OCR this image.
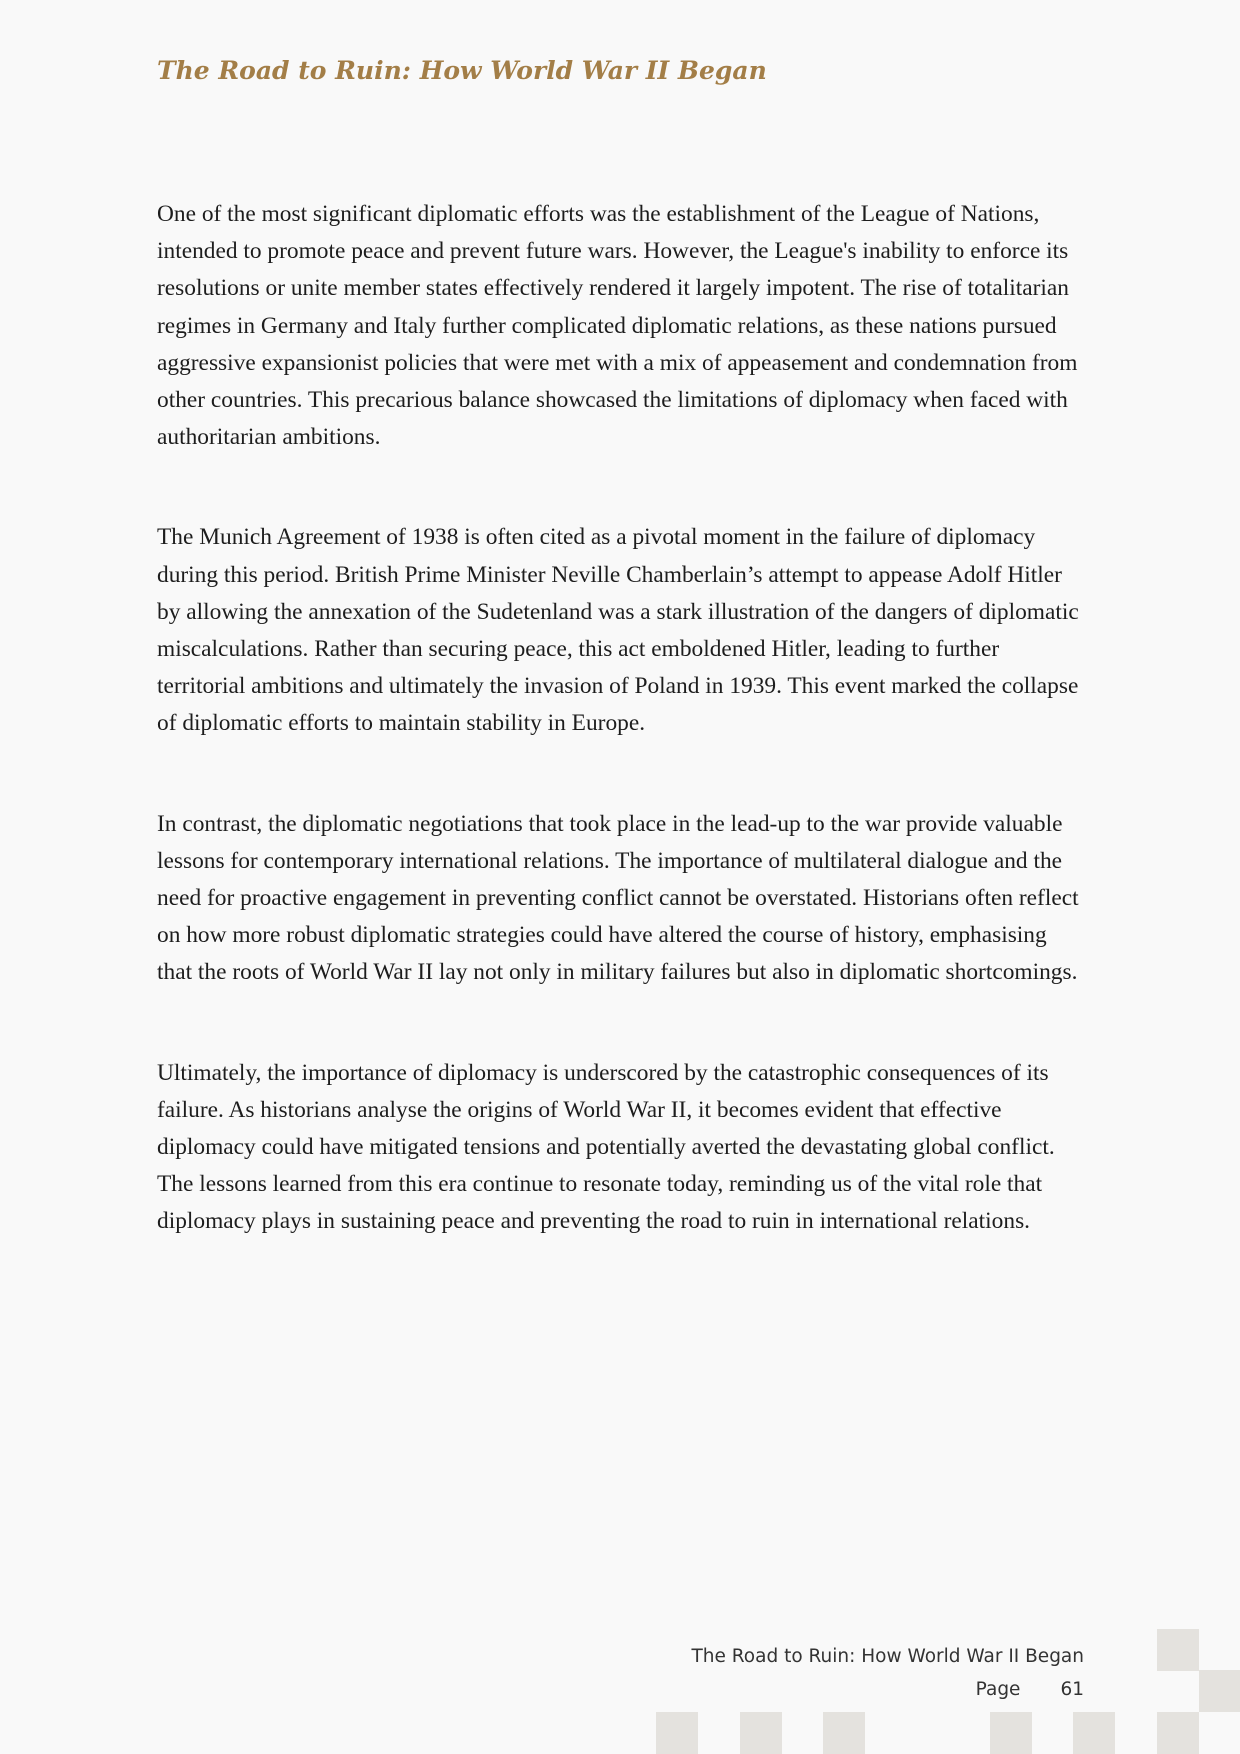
The Road to Ruin: How World War II Began

One of the most significant diplomatic efforts was the establishment of the League of Nations, intended to promote peace and prevent future wars. However, the League's inability to enforce its resolutions or unite member states effectively rendered it largely impotent. The rise of totalitarian regimes in Germany and Italy further complicated diplomatic relations, as these nations pursued aggressive expansionist policies that were met with a mix of appeasement and condemnation from other countries. This precarious balance showcased the limitations of diplomacy when faced with authoritarian ambitions.

The Munich Agreement of 1938 is often cited as a pivotal moment in the failure of diplomacy during this period. British Prime Minister Neville Chamberlain’s attempt to appease Adolf Hitler by allowing the annexation of the Sudetenland was a stark illustration of the dangers of diplomatic miscalculations. Rather than securing peace, this act emboldened Hitler, leading to further territorial ambitions and ultimately the invasion of Poland in 1939. This event marked the collapse of diplomatic efforts to maintain stability in Europe.

In contrast, the diplomatic negotiations that took place in the lead-up to the war provide valuable lessons for contemporary international relations. The importance of multilateral dialogue and the need for proactive engagement in preventing conflict cannot be overstated. Historians often reflect on how more robust diplomatic strategies could have altered the course of history, emphasising that the roots of World War II lay not only in military failures but also in diplomatic shortcomings.

Ultimately, the importance of diplomacy is underscored by the catastrophic consequences of its failure. As historians analyse the origins of World War II, it becomes evident that effective diplomacy could have mitigated tensions and potentially averted the devastating global conflict. The lessons learned from this era continue to resonate today, reminding us of the vital role that diplomacy plays in sustaining peace and preventing the road to ruin in international relations.

The Road to Ruin: How World War II Began
Page 61
